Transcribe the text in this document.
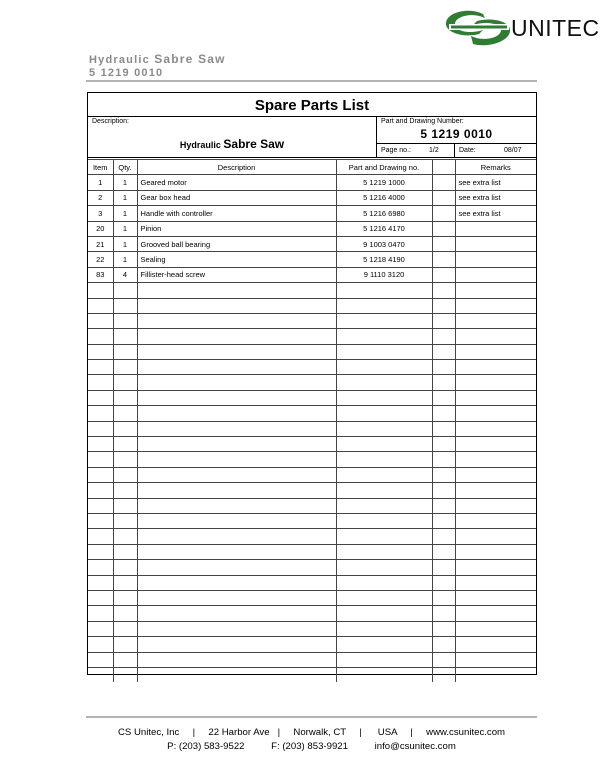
UNITEC
Hydraulic Sabre Saw
5 1219 0010
Spare Parts List
Description:
Hydraulic Sabre Saw
Part and Drawing Number:
5 1219 0010
Page no.:	1/2	Date:	08/07
Item	Qty.	Description	Part and Drawing no.		Remarks
1	1	Geared motor	5 1219 1000		see extra list
2	1	Gear box head	5 1216 4000		see extra list
3	1	Handle with controller	5 1216 6980		see extra list
20	1	Pinion	5 1216 4170		
21	1	Grooved ball bearing	9 1003 0470		
22	1	Sealing	5 1218 4190		
83	4	Fillister-head screw	9 1110 3120		

CS Unitec, Inc     |     22 Harbor Ave   |     Norwalk, CT     |      USA     |     www.csunitec.com
P: (203) 583-9522          F: (203) 853-9921          info@csunitec.com
